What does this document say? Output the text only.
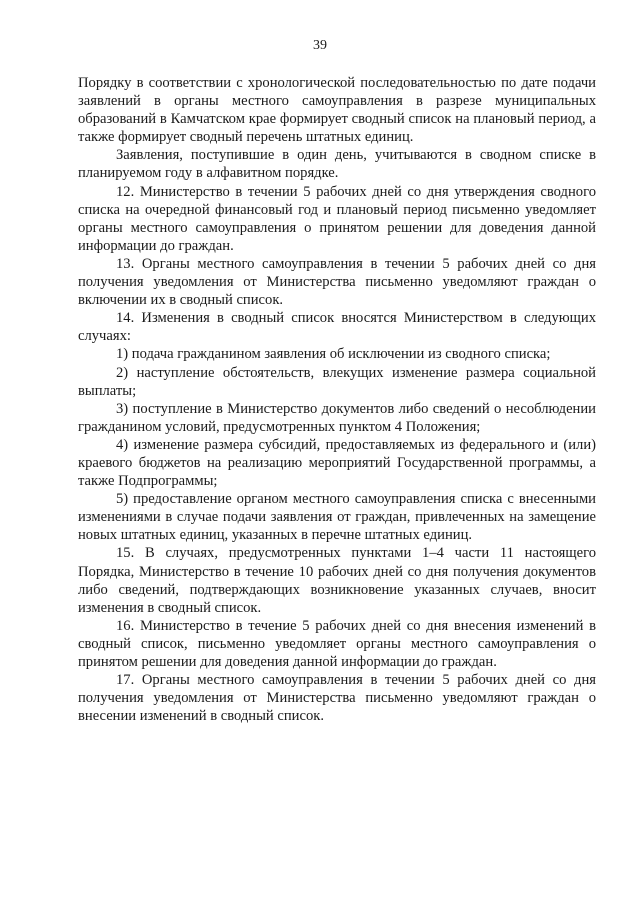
39

Порядку в соответствии с хронологической последовательностью по дате подачи заявлений в органы местного самоуправления в разрезе муниципальных образований в Камчатском крае формирует сводный список на плановый период, а также формирует сводный перечень штатных единиц.

Заявления, поступившие в один день, учитываются в сводном списке в планируемом году в алфавитном порядке.

12. Министерство в течении 5 рабочих дней со дня утверждения сводного списка на очередной финансовый год и плановый период письменно уведомляет органы местного самоуправления о принятом решении для доведения данной информации до граждан.

13. Органы местного самоуправления в течении 5 рабочих дней со дня получения уведомления от Министерства письменно уведомляют граждан о включении их в сводный список.

14. Изменения в сводный список вносятся Министерством в следующих случаях:

1) подача гражданином заявления об исключении из сводного списка;

2) наступление обстоятельств, влекущих изменение размера социальной выплаты;

3) поступление в Министерство документов либо сведений о несоблюдении гражданином условий, предусмотренных пунктом 4 Положения;

4) изменение размера субсидий, предоставляемых из федерального и (или) краевого бюджетов на реализацию мероприятий Государственной программы, а также Подпрограммы;

5) предоставление органом местного самоуправления списка с внесенными изменениями в случае подачи заявления от граждан, привлеченных на замещение новых штатных единиц, указанных в перечне штатных единиц.

15. В случаях, предусмотренных пунктами 1–4 части 11 настоящего Порядка, Министерство в течение 10 рабочих дней со дня получения документов либо сведений, подтверждающих возникновение указанных случаев, вносит изменения в сводный список.

16. Министерство в течение 5 рабочих дней со дня внесения изменений в сводный список, письменно уведомляет органы местного самоуправления о принятом решении для доведения данной информации до граждан.

17. Органы местного самоуправления в течении 5 рабочих дней со дня получения уведомления от Министерства письменно уведомляют граждан о внесении изменений в сводный список.
